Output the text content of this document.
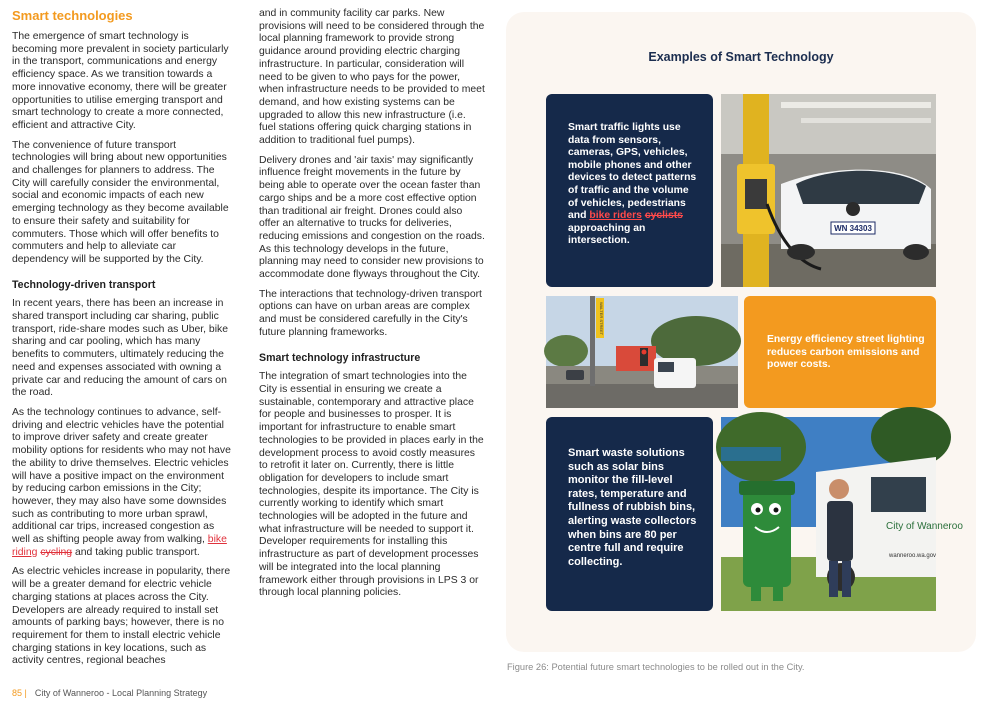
Smart technologies

The emergence of smart technology is becoming more prevalent in society particularly in the transport, communications and energy efficiency space. As we transition towards a more innovative economy, there will be greater opportunities to utilise emerging transport and smart technology to create a more connected, efficient and attractive City.

The convenience of future transport technologies will bring about new opportunities and challenges for planners to address. The City will carefully consider the environmental, social and economic impacts of each new emerging technology as they become available to ensure their safety and suitability for commuters. Those which will offer benefits to commuters and help to alleviate car dependency will be supported by the City.

Technology-driven transport

In recent years, there has been an increase in shared transport including car sharing, public transport, ride-share modes such as Uber, bike sharing and car pooling, which has many benefits to commuters, ultimately reducing the need and expenses associated with owning a private car and reducing the amount of cars on the road.

As the technology continues to advance, self-driving and electric vehicles have the potential to improve driver safety and create greater mobility options for residents who may not have the ability to drive themselves. Electric vehicles will have a positive impact on the environment by reducing carbon emissions in the City; however, they may also have some downsides such as contributing to more urban sprawl, additional car trips, increased congestion as well as shifting people away from walking, bike riding cycling and taking public transport.

As electric vehicles increase in popularity, there will be a greater demand for electric vehicle charging stations at places across the City. Developers are already required to install set amounts of parking bays; however, there is no requirement for them to install electric vehicle charging stations in key locations, such as activity centres, regional beaches

and in community facility car parks. New provisions will need to be considered through the local planning framework to provide strong guidance around providing electric charging infrastructure. In particular, consideration will need to be given to who pays for the power, when infrastructure needs to be provided to meet demand, and how existing systems can be upgraded to allow this new infrastructure (i.e. fuel stations offering quick charging stations in addition to traditional fuel pumps).

Delivery drones and 'air taxis' may significantly influence freight movements in the future by being able to operate over the ocean faster than cargo ships and be a more cost effective option than traditional air freight. Drones could also offer an alternative to trucks for deliveries, reducing emissions and congestion on the roads. As this technology develops in the future, planning may need to consider new provisions to accommodate done flyways throughout the City.

The interactions that technology-driven transport options can have on urban areas are complex and must be considered carefully in the City's future planning frameworks.

Smart technology infrastructure

The integration of smart technologies into the City is essential in ensuring we create a sustainable, contemporary and attractive place for people and businesses to prosper. It is important for infrastructure to enable smart technologies to be provided in places early in the development process to avoid costly measures to retrofit it later on. Currently, there is little obligation for developers to include smart technologies, despite its importance. The City is currently working to identify which smart technologies will be adopted in the future and what infrastructure will be needed to support it. Developer requirements for installing this infrastructure as part of development processes will be integrated into the local planning framework either through provisions in LPS 3 or through local planning policies.

Examples of Smart Technology
Smart traffic lights use data from sensors, cameras, GPS, vehicles, mobile phones and other devices to detect patterns of traffic and the volume of vehicles, pedestrians and bike riders cyclists approaching an intersection.
WN 34303
WALTER STREET
Energy efficiency street lighting reduces carbon emissions and power costs.
Smart waste solutions such as solar bins monitor the fill-level rates, temperature and fullness of rubbish bins, alerting waste collectors when bins are 80 per centre full and require collecting.
City of Wanneroo
wanneroo.wa.gov
Figure 26: Potential future smart technologies to be rolled out in the City.
85 | City of Wanneroo - Local Planning Strategy
